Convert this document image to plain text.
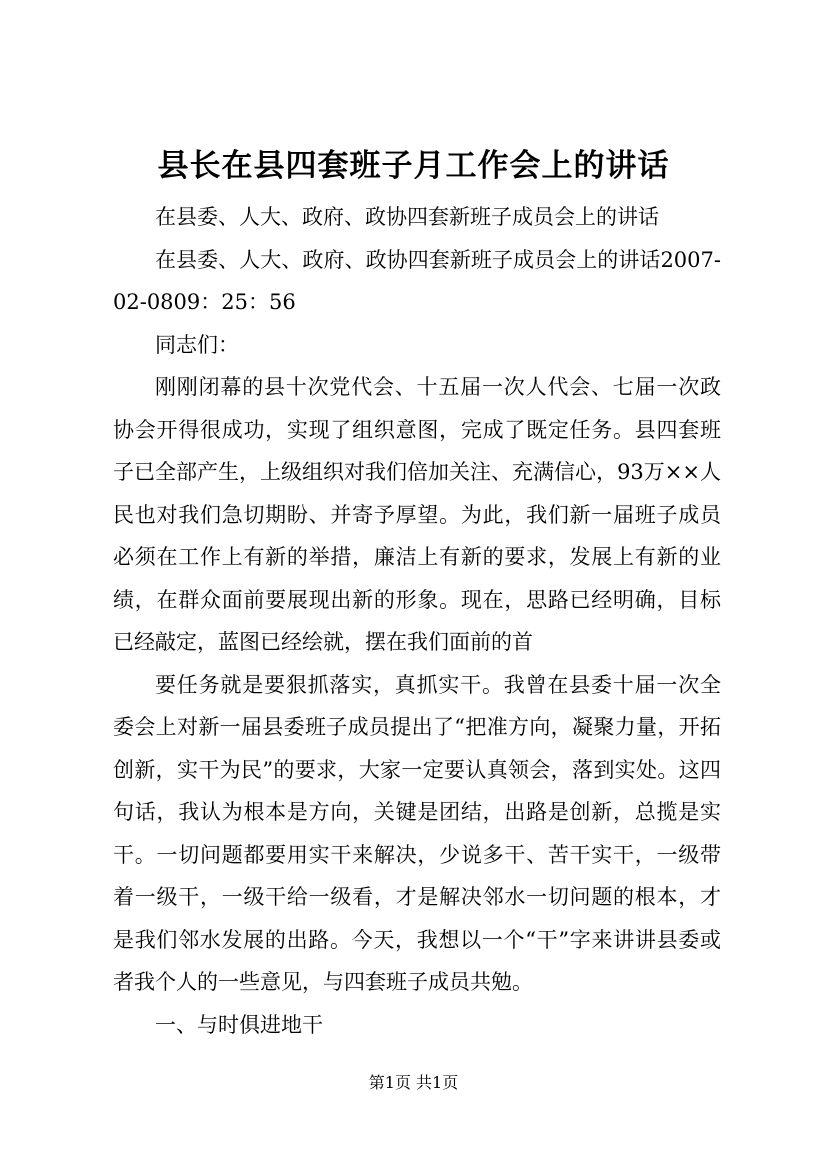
县长在县四套班子月工作会上的讲话

在县委、人大、政府、政协四套新班子成员会上的讲话

在县委、人大、政府、政协四套新班子成员会上的讲话2007-02-0809：25：56

同志们：

刚刚闭幕的县十次党代会、十五届一次人代会、七届一次政协会开得很成功，实现了组织意图，完成了既定任务。县四套班子已全部产生，上级组织对我们倍加关注、充满信心，93万××人民也对我们急切期盼、并寄予厚望。为此，我们新一届班子成员必须在工作上有新的举措，廉洁上有新的要求，发展上有新的业绩，在群众面前要展现出新的形象。现在，思路已经明确，目标已经敲定，蓝图已经绘就，摆在我们面前的首

要任务就是要狠抓落实，真抓实干。我曾在县委十届一次全委会上对新一届县委班子成员提出了“把准方向，凝聚力量，开拓创新，实干为民”的要求，大家一定要认真领会，落到实处。这四句话，我认为根本是方向，关键是团结，出路是创新，总揽是实干。一切问题都要用实干来解决，少说多干、苦干实干，一级带着一级干，一级干给一级看，才是解决邻水一切问题的根本，才是我们邻水发展的出路。今天，我想以一个“干”字来讲讲县委或者我个人的一些意见，与四套班子成员共勉。

一、与时俱进地干

第1页 共1页
